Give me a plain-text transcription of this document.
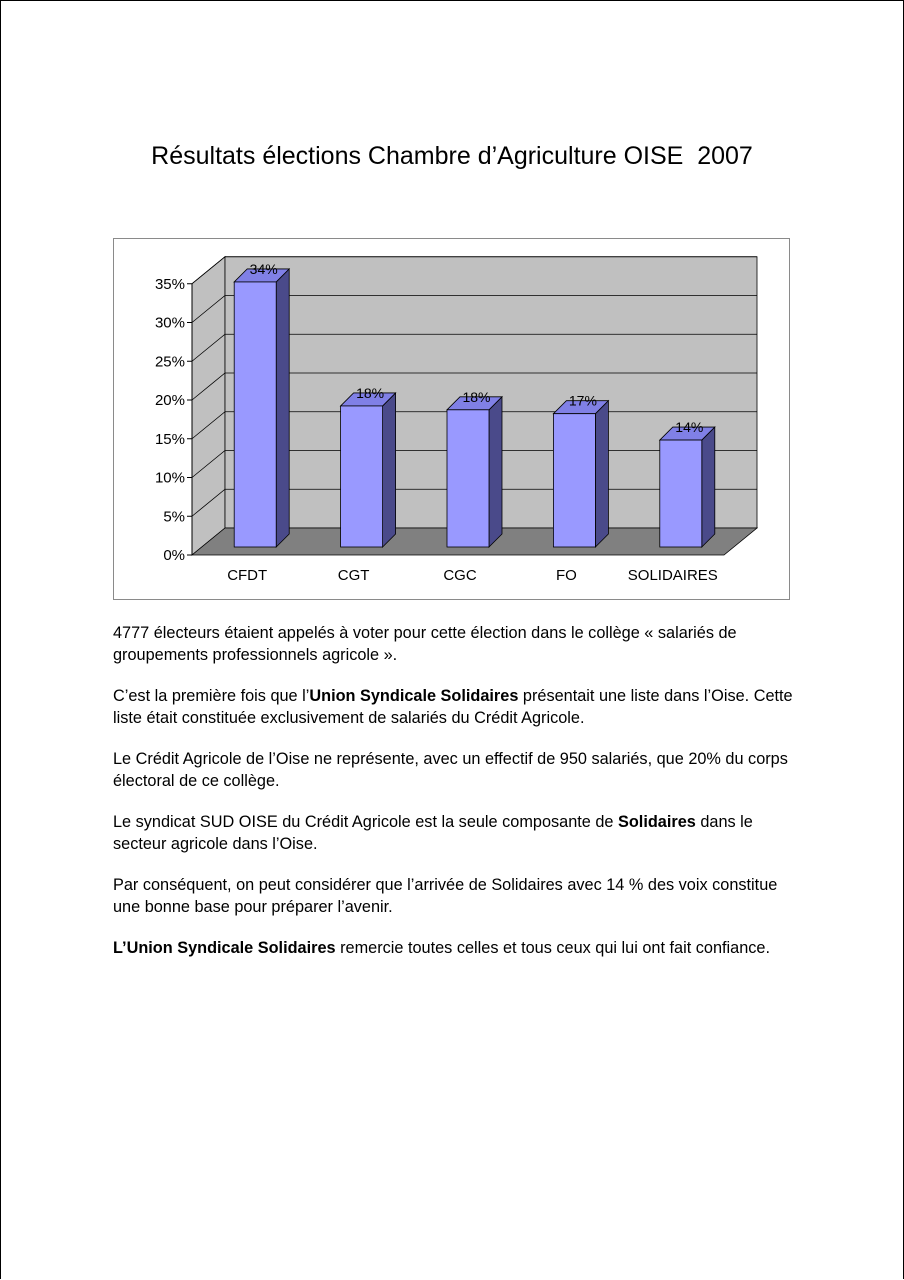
Résultats élections Chambre d’Agriculture OISE  2007
0%
5%
10%
15%
20%
25%
30%
35%
34%
CFDT
18%
CGT
18%
CGC
17%
FO
14%
SOLIDAIRES

4777 électeurs étaient appelés à voter pour cette élection dans le collège « salariés de groupements professionnels agricole ».

C’est la première fois que l’Union Syndicale Solidaires présentait une liste dans l’Oise. Cette liste était constituée exclusivement de salariés du Crédit Agricole.

Le Crédit Agricole de l’Oise ne représente, avec un effectif de 950 salariés, que 20% du corps électoral de ce collège.

Le syndicat SUD OISE du Crédit Agricole est la seule composante de Solidaires dans le secteur agricole dans l’Oise.

Par conséquent, on peut considérer que l’arrivée de Solidaires avec 14 % des voix constitue une bonne base pour préparer l’avenir.

L’Union Syndicale Solidaires remercie toutes celles et tous ceux qui lui ont fait confiance.
